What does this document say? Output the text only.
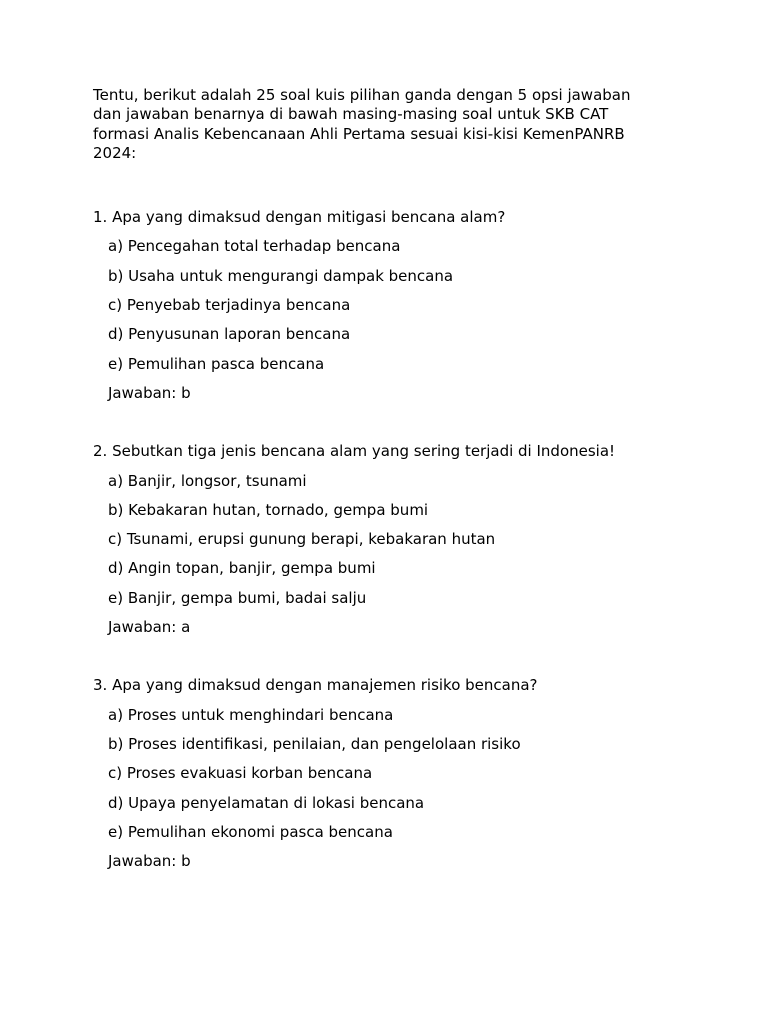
Tentu, berikut adalah 25 soal kuis pilihan ganda dengan 5 opsi jawaban
dan jawaban benarnya di bawah masing-masing soal untuk SKB CAT
formasi Analis Kebencanaan Ahli Pertama sesuai kisi-kisi KemenPANRB
2024:

1. Apa yang dimaksud dengan mitigasi bencana alam?
a) Pencegahan total terhadap bencana
b) Usaha untuk mengurangi dampak bencana
c) Penyebab terjadinya bencana
d) Penyusunan laporan bencana
e) Pemulihan pasca bencana
Jawaban: b
2. Sebutkan tiga jenis bencana alam yang sering terjadi di Indonesia!
a) Banjir, longsor, tsunami
b) Kebakaran hutan, tornado, gempa bumi
c) Tsunami, erupsi gunung berapi, kebakaran hutan
d) Angin topan, banjir, gempa bumi
e) Banjir, gempa bumi, badai salju
Jawaban: a
3. Apa yang dimaksud dengan manajemen risiko bencana?
a) Proses untuk menghindari bencana
b) Proses identifikasi, penilaian, dan pengelolaan risiko
c) Proses evakuasi korban bencana
d) Upaya penyelamatan di lokasi bencana
e) Pemulihan ekonomi pasca bencana
Jawaban: b
